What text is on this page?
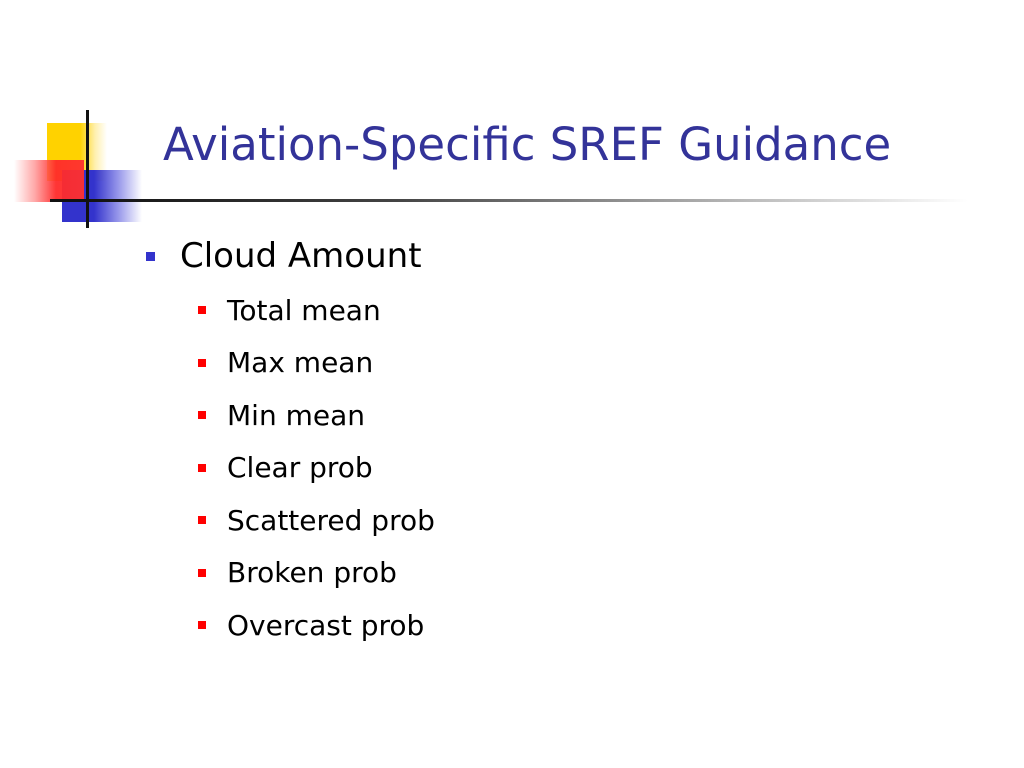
Aviation-Specific SREF Guidance
Cloud Amount
Total mean
Max mean
Min mean
Clear prob
Scattered prob
Broken prob
Overcast prob
